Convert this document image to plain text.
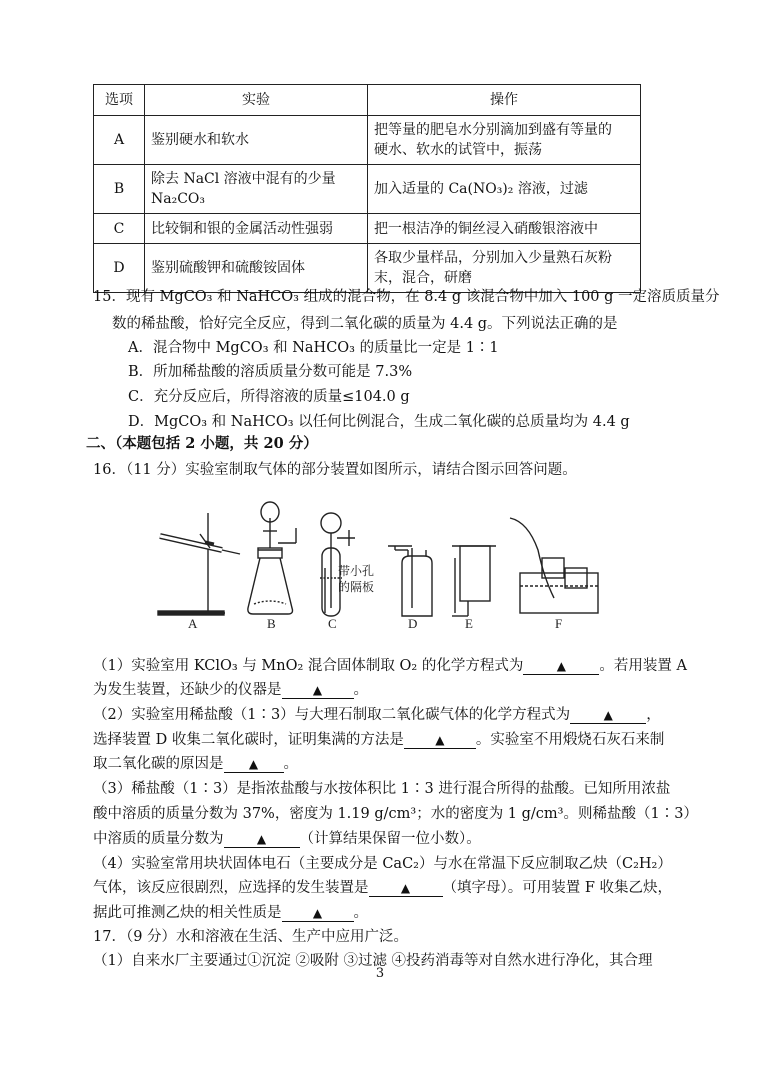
选项	实验	操作
A	鉴别硬水和软水	把等量的肥皂水分别滴加到盛有等量的
硬水、软水的试管中，振荡
B	除去 NaCl 溶液中混有的少量
Na₂CO₃	加入适量的 Ca(NO₃)₂ 溶液，过滤
C	比较铜和银的金属活动性强弱	把一根洁净的铜丝浸入硝酸银溶液中
D	鉴别硫酸钾和硫酸铵固体	各取少量样品，分别加入少量熟石灰粉
末，混合，研磨
15．现有 MgCO₃ 和 NaHCO₃ 组成的混合物，在 8.4 g 该混合物中加入 100 g 一定溶质质量分
数的稀盐酸，恰好完全反应，得到二氧化碳的质量为 4.4 g。下列说法正确的是
A．混合物中 MgCO₃ 和 NaHCO₃ 的质量比一定是 1∶1
B．所加稀盐酸的溶质质量分数可能是 7.3%
C．充分反应后，所得溶液的质量≤104.0 g
D．MgCO₃ 和 NaHCO₃ 以任何比例混合，生成二氧化碳的总质量均为 4.4 g
二、（本题包括 2 小题，共 20 分）
16．（11 分）实验室制取气体的部分装置如图所示，请结合图示回答问题。
带小孔
的隔板
A	B	C	D	E	F
（1）实验室用 KClO₃ 与 MnO₂ 混合固体制取 O₂ 的化学方程式为	▲ 。若用装置 A
为发生装置，还缺少的仪器是	▲ 。
（2）实验室用稀盐酸（1∶3）与大理石制取二氧化碳气体的化学方程式为	▲ ，
选择装置 D 收集二氧化碳时，证明集满的方法是	▲ 。实验室不用煅烧石灰石来制
取二氧化碳的原因是 ▲ 。
（3）稀盐酸（1∶3）是指浓盐酸与水按体积比 1∶3 进行混合所得的盐酸。已知所用浓盐
酸中溶质的质量分数为 37%，密度为 1.19 g/cm³；水的密度为 1 g/cm³。则稀盐酸（1∶3）
中溶质的质量分数为	▲ （计算结果保留一位小数）。
（4）实验室常用块状固体电石（主要成分是 CaC₂）与水在常温下反应制取乙炔（C₂H₂）
气体，该反应很剧烈，应选择的发生装置是	▲ （填字母）。可用装置 F 收集乙炔，
据此可推测乙炔的相关性质是	▲ 。
17．（9 分）水和溶液在生活、生产中应用广泛。
（1）自来水厂主要通过①沉淀 ②吸附 ③过滤 ④投药消毒等对自然水进行净化，其合理
3
